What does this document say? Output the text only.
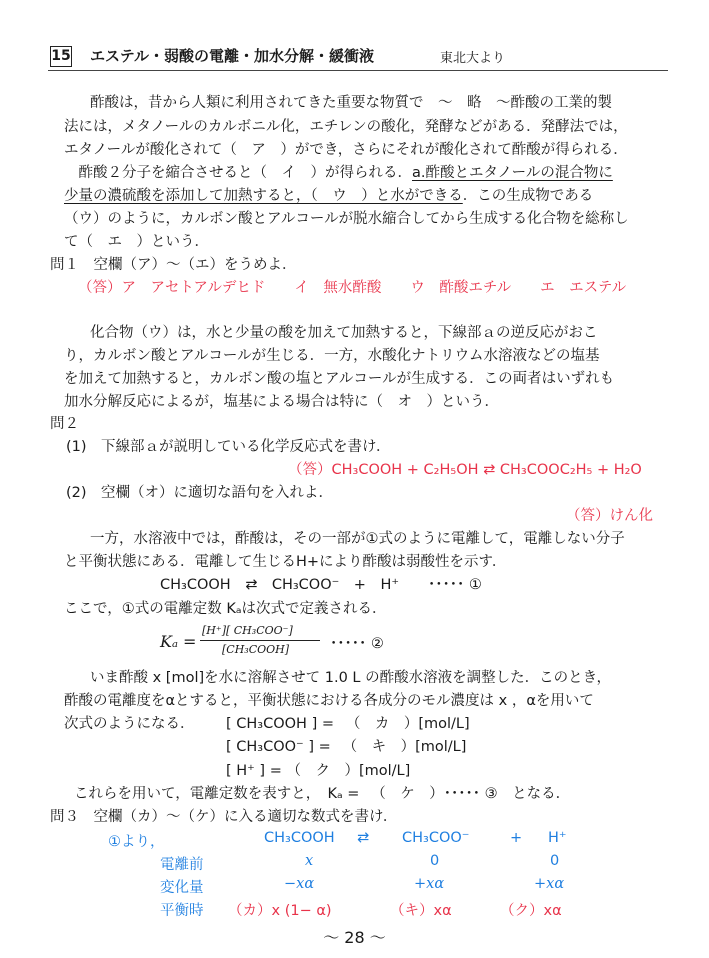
15 エステル・弱酸の電離・加水分解・緩衝液	東北大より
酢酸は，昔から人類に利用されてきた重要な物質で　〜　略　〜酢酸の工業的製
法には，メタノールのカルボニル化，エチレンの酸化，発酵などがある．発酵法では，
エタノールが酸化されて（　ア　）ができ，さらにそれが酸化されて酢酸が得られる．
　酢酸２分子を縮合させると（　イ　）が得られる．a.酢酸とエタノールの混合物に
少量の濃硫酸を添加して加熱すると，（　ウ　）と水ができる．この生成物である
（ウ）のように，カルボン酸とアルコールが脱水縮合してから生成する化合物を総称し
て（　エ　）という．
問１　空欄（ア）〜（エ）をうめよ．
（答）ア　アセトアルデヒド　　イ　無水酢酸　　ウ　酢酸エチル　　エ　エステル
化合物（ウ）は，水と少量の酸を加えて加熱すると，下線部ａの逆反応がおこ
り，カルボン酸とアルコールが生じる．一方，水酸化ナトリウム水溶液などの塩基
を加えて加熱すると，カルボン酸の塩とアルコールが生成する．この両者はいずれも
加水分解反応によるが，塩基による場合は特に（　オ　）という．
問２
(1)　下線部ａが説明している化学反応式を書け．
（答）CH₃COOH + C₂H₅OH ⇄ CH₃COOC₂H₅ + H₂O
(2)　空欄（オ）に適切な語句を入れよ．
（答）けん化
一方，水溶液中では，酢酸は，その一部が①式のように電離して，電離しない分子
と平衡状態にある．電離して生じるH+により酢酸は弱酸性を示す．
CH₃COOH　⇄　CH₃COO⁻　+　H⁺　　･････ ①
ここで，①式の電離定数 Kₐは次式で定義される．
Kₐ =
[H⁺][ CH₃COO⁻]
[CH₃COOH]	･････ ②
いま酢酸 x [mol]を水に溶解させて 1.0 L の酢酸水溶液を調整した．このとき，
酢酸の電離度をαとすると，平衡状態における各成分のモル濃度は x ，αを用いて
次式のようになる． [ CH₃COOH ] = 　（　カ　）[mol/L]
[ CH₃COO⁻ ] = 　（　キ　）[mol/L]
[ H⁺ ] = （　ク　）[mol/L]
これらを用いて，電離定数を表すと，　Kₐ = 　（　ケ　）･････ ③　となる．
問３　空欄（カ）〜（ケ）に入る適切な数式を書け．
①より，	CH₃COOH ⇄ CH₃COO⁻	+ H⁺
電離前	x	0	0
変化量	−xα	+xα	+xα
平衡時 （カ）x (1− α)	（キ）xα	（ク）xα
〜 28 〜
